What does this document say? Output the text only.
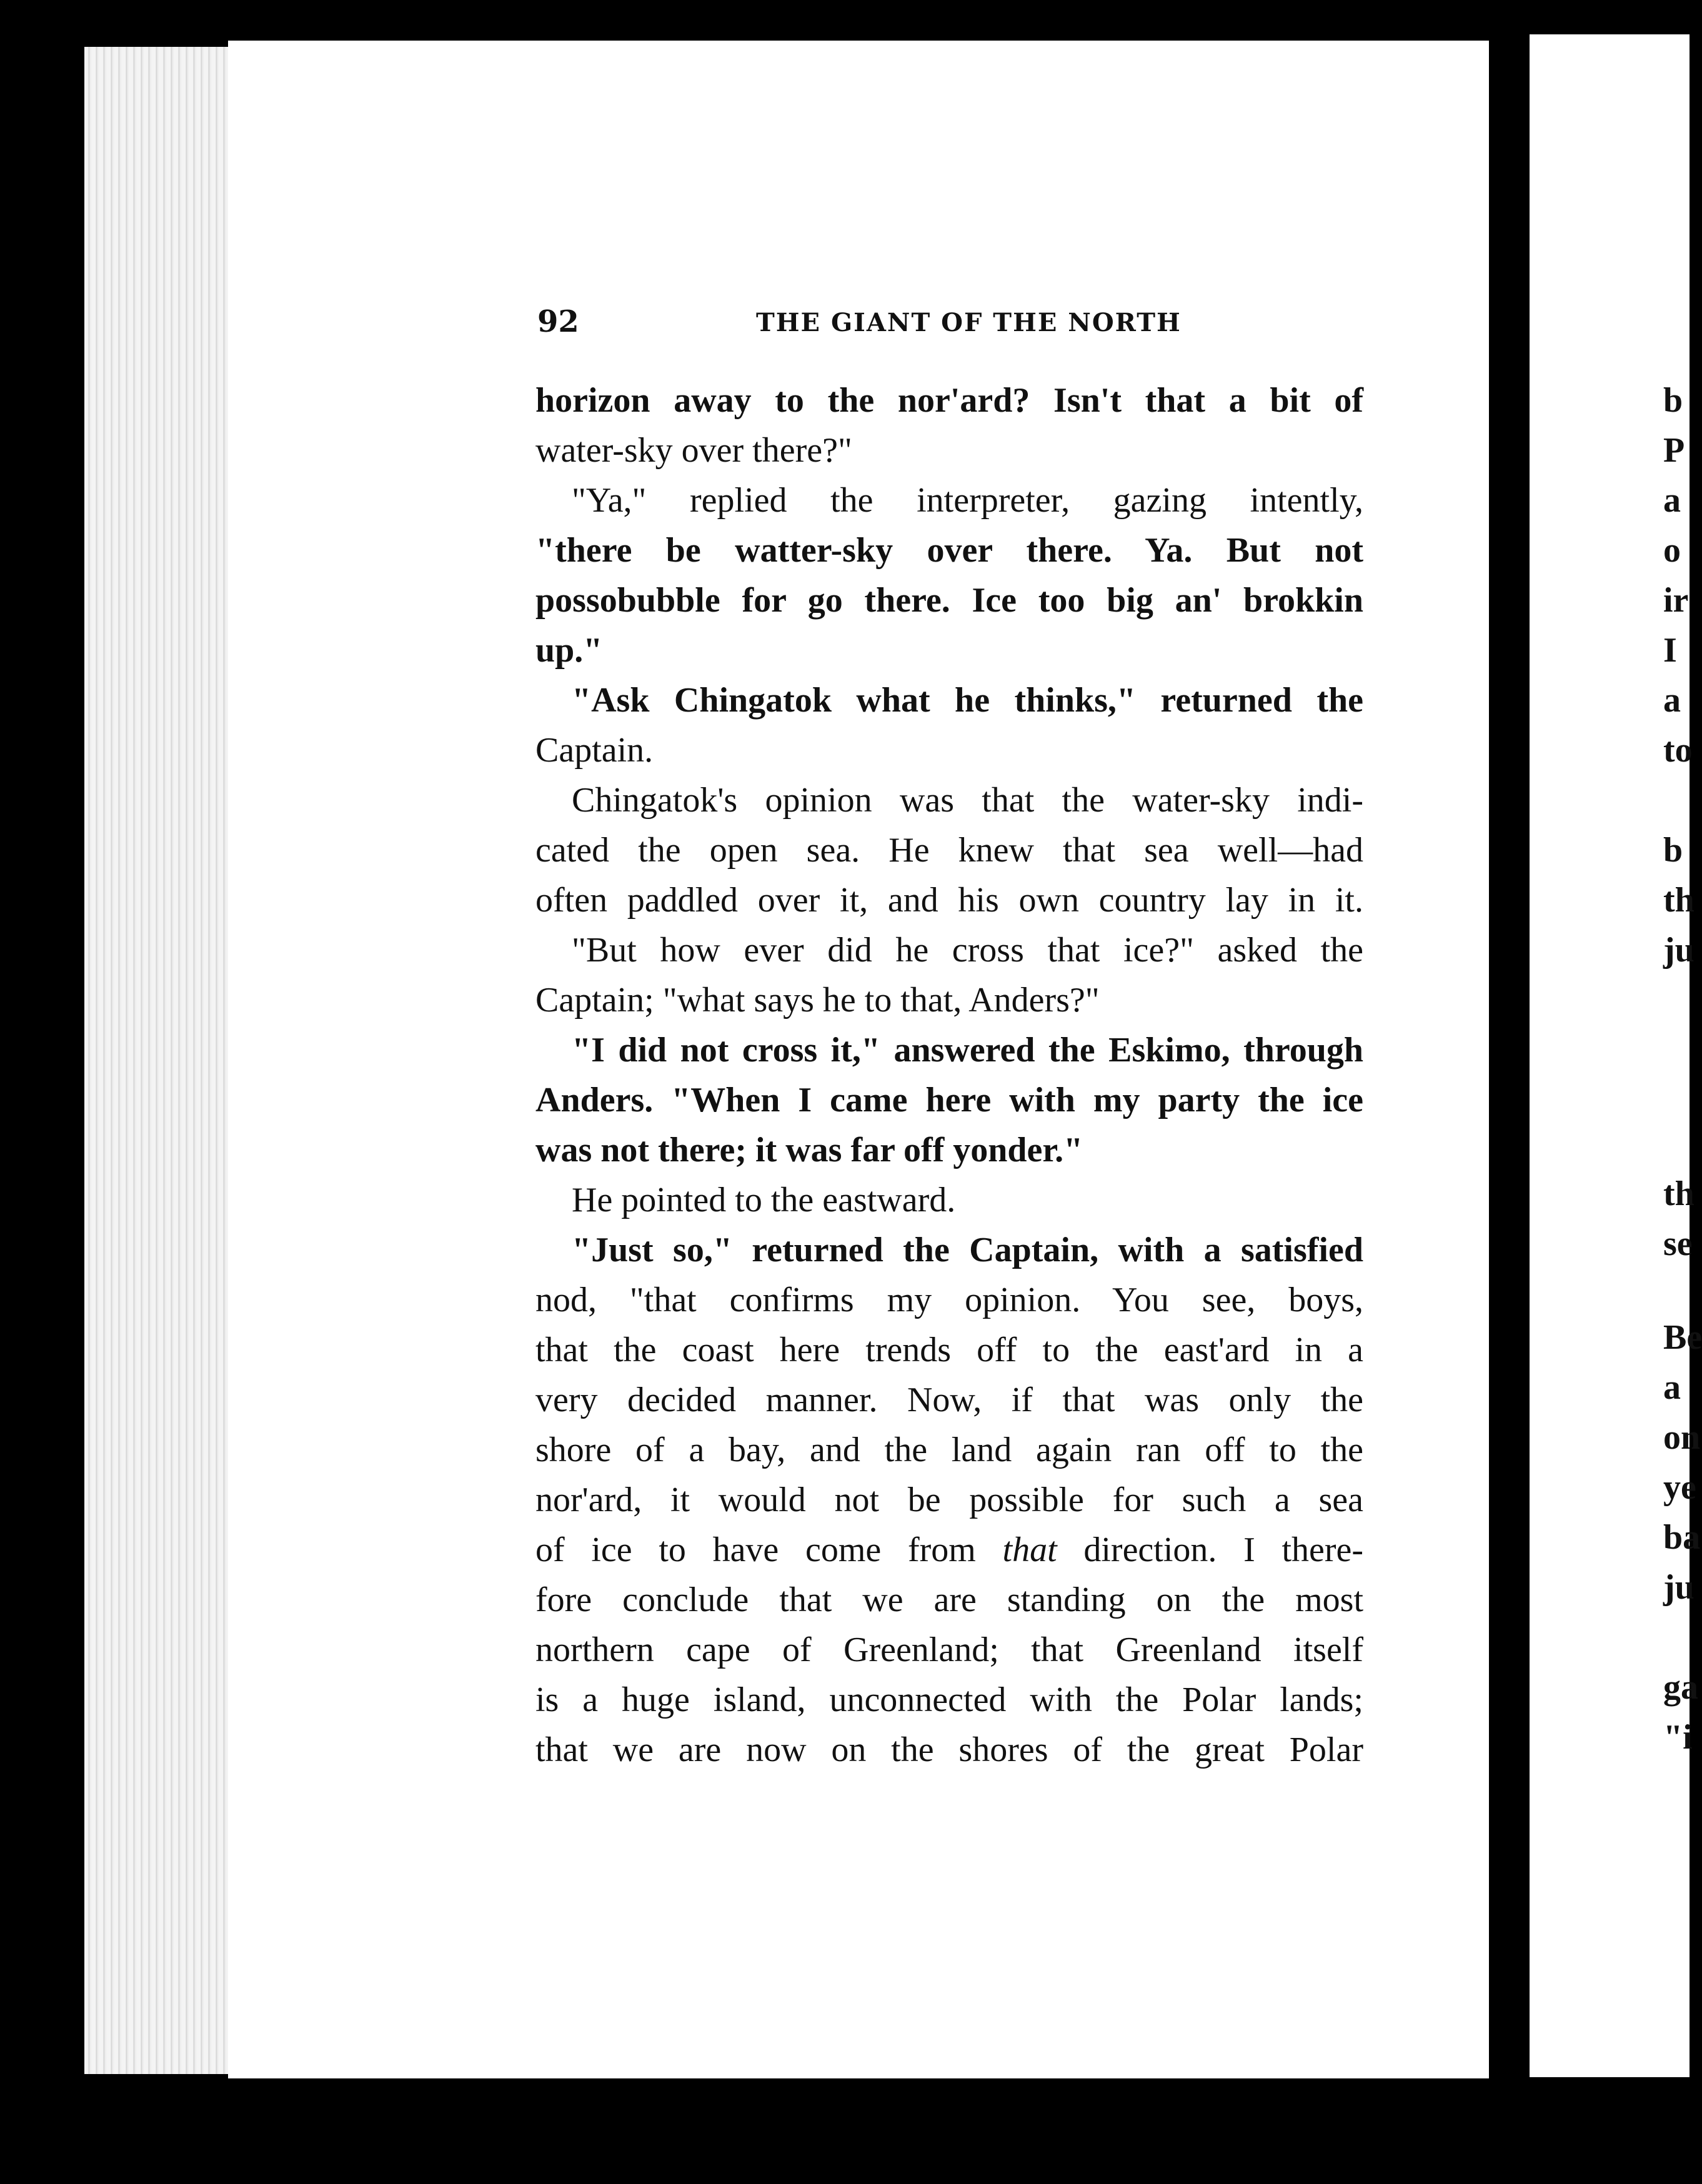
92	THE GIANT OF THE NORTH
horizon away to the nor'ard? Isn't that a bit of
water-sky over there?"
"Ya," replied the interpreter, gazing intently,
"there be watter-sky over there. Ya. But not
possobubble for go there. Ice too big an' brokkin
up."
"Ask Chingatok what he thinks," returned the
Captain.
Chingatok's opinion was that the water-sky indi-
cated the open sea. He knew that sea well—had
often paddled over it, and his own country lay in it.
"But how ever did he cross that ice?" asked the
Captain; "what says he to that, Anders?"
"I did not cross it," answered the Eskimo, through
Anders. "When I came here with my party the ice
was not there; it was far off yonder."
He pointed to the eastward.
"Just so," returned the Captain, with a satisfied
nod, "that confirms my opinion. You see, boys,
that the coast here trends off to the east'ard in a
very decided manner. Now, if that was only the
shore of a bay, and the land again ran off to the
nor'ard, it would not be possible for such a sea
of ice to have come from that direction. I there-
fore conclude that we are standing on the most
northern cape of Greenland; that Greenland itself
is a huge island, unconnected with the Polar lands;
that we are now on the shores of the great Polar
b
P
a
o
ir
I
a
to
b
th
ju
th
se
Be
a
on
ye
ba
ju
ga
"i
